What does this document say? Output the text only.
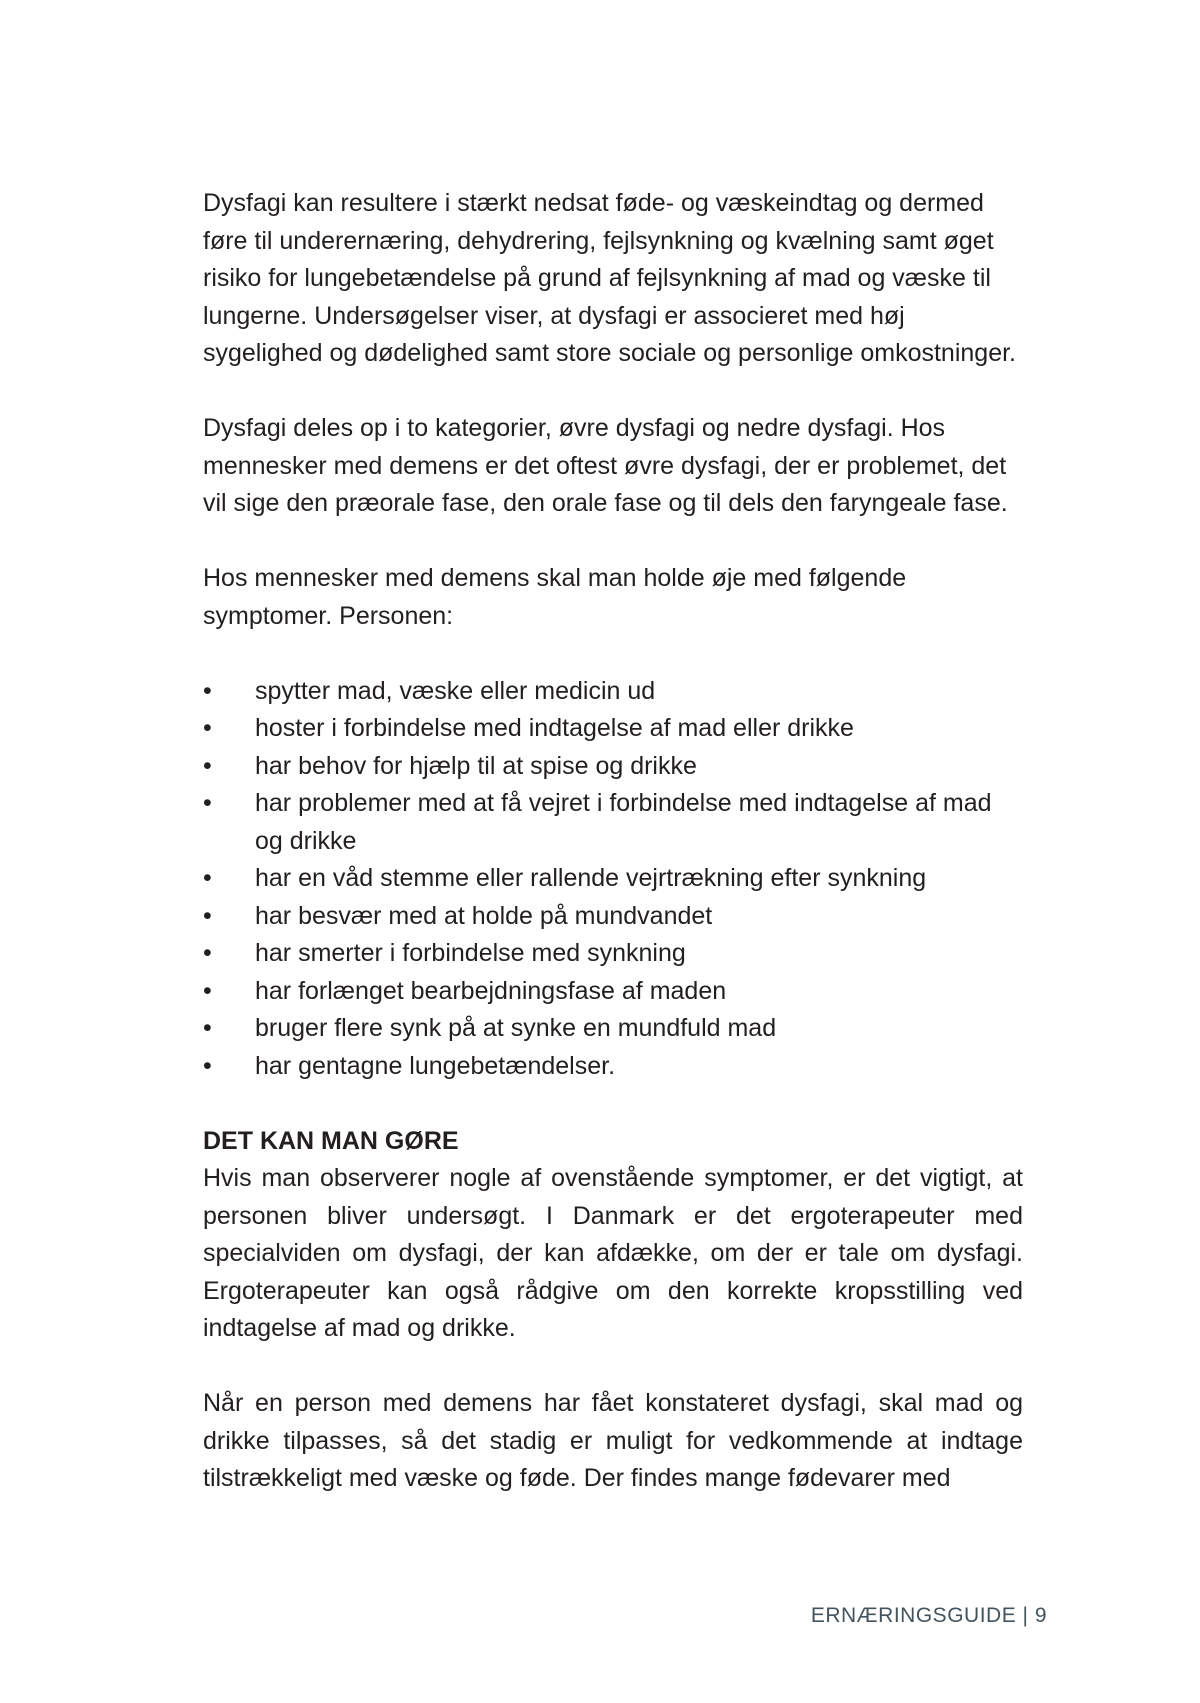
Dysfagi kan resultere i stærkt nedsat føde- og væskeindtag og dermed føre til underernæring, dehydrering, fejlsynkning og kvælning samt øget risiko for lungebetændelse på grund af fejlsynkning af mad og væske til lungerne. Undersøgelser viser, at dysfagi er associeret med høj sygelighed og dødelighed samt store sociale og personlige omkostninger.

Dysfagi deles op i to kategorier, øvre dysfagi og nedre dysfagi. Hos mennesker med demens er det oftest øvre dysfagi, der er problemet, det vil sige den præorale fase, den orale fase og til dels den faryngeale fase.

Hos mennesker med demens skal man holde øje med følgende symptomer. Personen:

•	spytter mad, væske eller medicin ud
•	hoster i forbindelse med indtagelse af mad eller drikke
•	har behov for hjælp til at spise og drikke
•	har problemer med at få vejret i forbindelse med indtagelse af mad og drikke
•	har en våd stemme eller rallende vejrtrækning efter synkning
•	har besvær med at holde på mundvandet
•	har smerter i forbindelse med synkning
•	har forlænget bearbejdningsfase af maden
•	bruger flere synk på at synke en mundfuld mad
•	har gentagne lungebetændelser.
DET KAN MAN GØRE

Hvis man observerer nogle af ovenstående symptomer, er det vigtigt, at personen bliver undersøgt. I Danmark er det ergoterapeuter med specialviden om dysfagi, der kan afdække, om der er tale om dysfagi. Ergoterapeuter kan også rådgive om den korrekte kropsstilling ved indtagelse af mad og drikke.

Når en person med demens har fået konstateret dysfagi, skal mad og drikke tilpasses, så det stadig er muligt for vedkommende at indtage tilstrækkeligt med væske og føde. Der findes mange fødevarer med

ERNÆRINGSGUIDE | 9
